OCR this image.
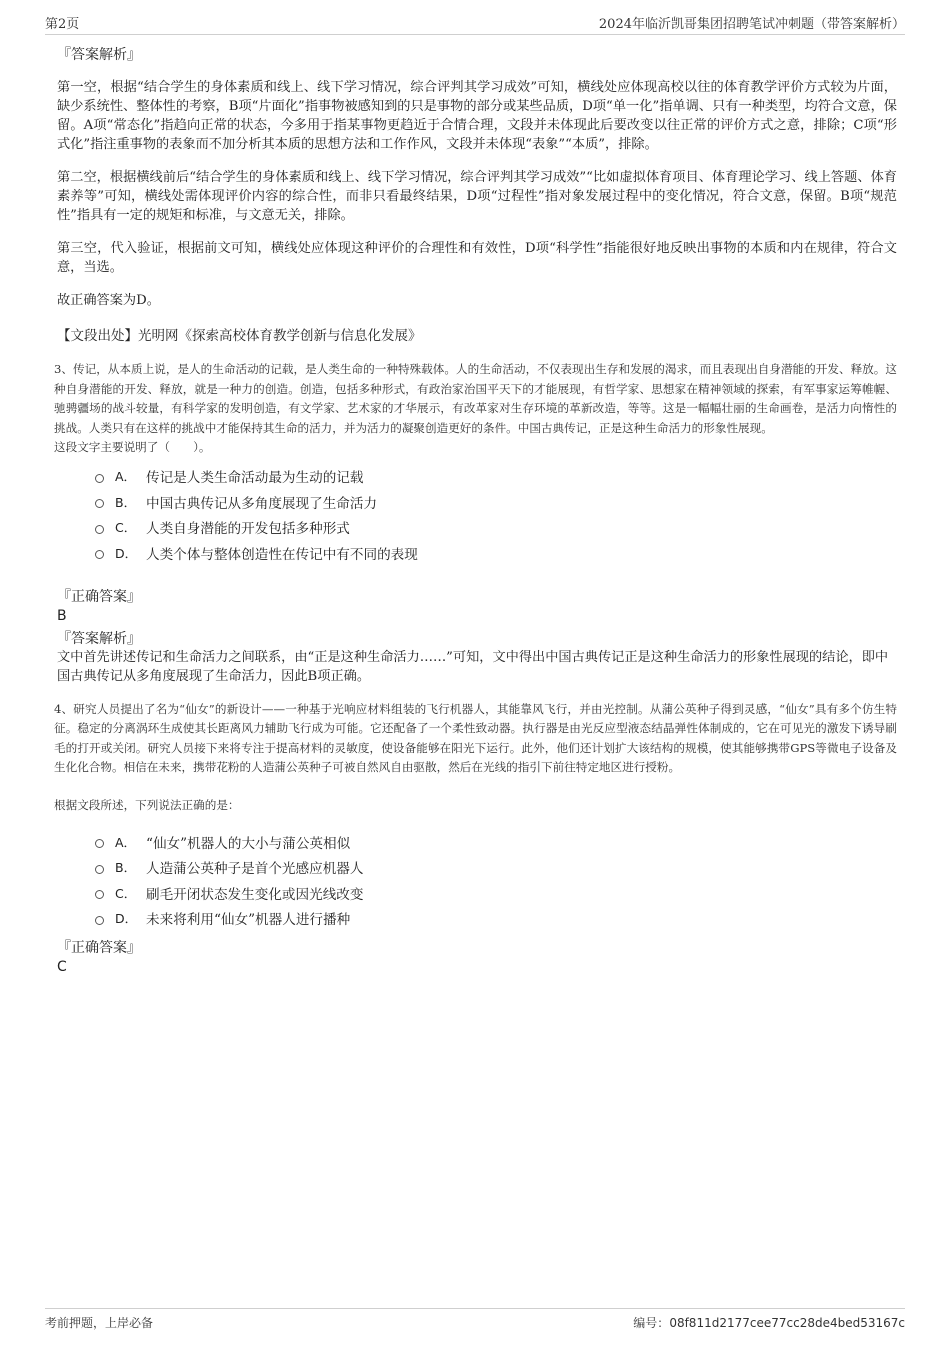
第2页	2024年临沂凯哥集团招聘笔试冲刺题（带答案解析）
『答案解析』

第一空，根据“结合学生的身体素质和线上、线下学习情况，综合评判其学习成效”可知，横线处应体现高校以往的体育教学评价方式较为片面，缺少系统性、整体性的考察，B项“片面化”指事物被感知到的只是事物的部分或某些品质，D项“单一化”指单调、只有一种类型，均符合文意，保留。A项“常态化”指趋向正常的状态，今多用于指某事物更趋近于合情合理，文段并未体现此后要改变以往正常的评价方式之意，排除；C项“形式化”指注重事物的表象而不加分析其本质的思想方法和工作作风，文段并未体现“表象”“本质”，排除。

第二空，根据横线前后“结合学生的身体素质和线上、线下学习情况，综合评判其学习成效”“比如虚拟体育项目、体育理论学习、线上答题、体育素养等”可知，横线处需体现评价内容的综合性，而非只看最终结果，D项“过程性”指对象发展过程中的变化情况，符合文意，保留。B项“规范性”指具有一定的规矩和标准，与文意无关，排除。

第三空，代入验证，根据前文可知，横线处应体现这种评价的合理性和有效性，D项“科学性”指能很好地反映出事物的本质和内在规律，符合文意，当选。

故正确答案为D。

【文段出处】光明网《探索高校体育教学创新与信息化发展》
3、传记，从本质上说，是人的生命活动的记载，是人类生命的一种特殊载体。人的生命活动，不仅表现出生存和发展的渴求，而且表现出自身潜能的开发、释放。这种自身潜能的开发、释放，就是一种力的创造。创造，包括多种形式，有政治家治国平天下的才能展现，有哲学家、思想家在精神领域的探索，有军事家运筹帷幄、驰骋疆场的战斗较量，有科学家的发明创造，有文学家、艺术家的才华展示，有改革家对生存环境的革新改造，等等。这是一幅幅壮丽的生命画卷，是活力向惰性的挑战。人类只有在这样的挑战中才能保持其生命的活力，并为活力的凝聚创造更好的条件。中国古典传记，正是这种生命活力的形象性展现。
这段文字主要说明了（　　）。
A． 传记是人类生命活动最为生动的记载
B． 中国古典传记从多角度展现了生命活力
C． 人类自身潜能的开发包括多种形式
D． 人类个体与整体创造性在传记中有不同的表现
『正确答案』
B
『答案解析』
文中首先讲述传记和生命活力之间联系，由“正是这种生命活力……”可知，文中得出中国古典传记正是这种生命活力的形象性展现的结论，即中国古典传记从多角度展现了生命活力，因此B项正确。
4、研究人员提出了名为“仙女”的新设计——一种基于光响应材料组装的飞行机器人，其能靠风飞行，并由光控制。从蒲公英种子得到灵感，“仙女”具有多个仿生特征。稳定的分离涡环生成使其长距离风力辅助飞行成为可能。它还配备了一个柔性致动器。执行器是由光反应型液态结晶弹性体制成的，它在可见光的激发下诱导刷毛的打开或关闭。研究人员接下来将专注于提高材料的灵敏度，使设备能够在阳光下运行。此外，他们还计划扩大该结构的规模，使其能够携带GPS等微电子设备及生化化合物。相信在未来，携带花粉的人造蒲公英种子可被自然风自由驱散，然后在光线的指引下前往特定地区进行授粉。
根据文段所述，下列说法正确的是：
A． “仙女”机器人的大小与蒲公英相似
B． 人造蒲公英种子是首个光感应机器人
C． 刷毛开闭状态发生变化或因光线改变
D． 未来将利用“仙女”机器人进行播种
『正确答案』
C
考前押题，上岸必备	编号：08f811d2177cee77cc28de4bed53167c
